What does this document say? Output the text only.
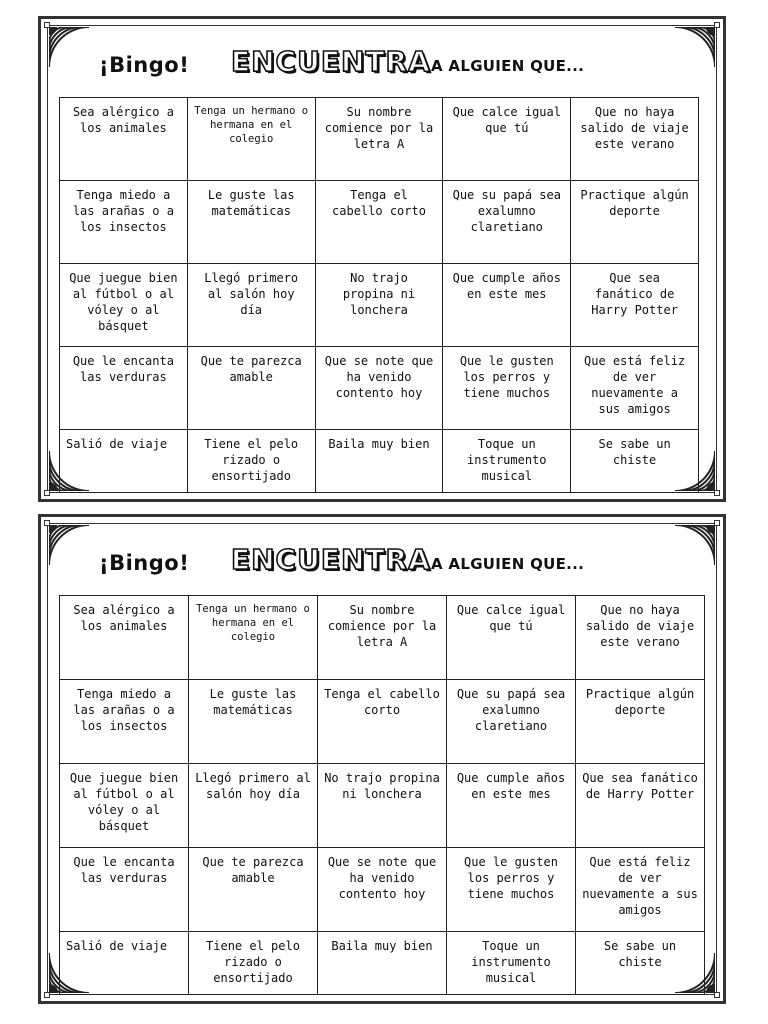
¡Bingo! ENCUENTRA A ALGUIEN QUE...
Sea alérgico a los animales	Tenga un hermano o hermana en el colegio	Su nombre comience por la letra A	Que calce igual que tú	Que no haya salido de viaje este verano
Tenga miedo a las arañas o a los insectos	Le guste las matemáticas	Tenga el cabello corto	Que su papá sea exalumno claretiano	Practique algún deporte
Que juegue bien al fútbol o al vóley o al básquet	Llegó primero al salón hoy día	No trajo propina ni lonchera	Que cumple años en este mes	Que sea fanático de Harry Potter
Que le encanta las verduras	Que te parezca amable	Que se note que ha venido contento hoy	Que le gusten los perros y tiene muchos	Que está feliz de ver nuevamente a sus amigos
Salió de viaje	Tiene el pelo rizado o ensortijado	Baila muy bien	Toque un instrumento musical	Se sabe un chiste
¡Bingo! ENCUENTRA A ALGUIEN QUE...
Sea alérgico a los animales	Tenga un hermano o hermana en el colegio	Su nombre comience por la letra A	Que calce igual que tú	Que no haya salido de viaje este verano
Tenga miedo a las arañas o a los insectos	Le guste las matemáticas	Tenga el cabello corto	Que su papá sea exalumno claretiano	Practique algún deporte
Que juegue bien al fútbol o al vóley o al básquet	Llegó primero al salón hoy día	No trajo propina ni lonchera	Que cumple años en este mes	Que sea fanático de Harry Potter
Que le encanta las verduras	Que te parezca amable	Que se note que ha venido contento hoy	Que le gusten los perros y tiene muchos	Que está feliz de ver nuevamente a sus amigos
Salió de viaje	Tiene el pelo rizado o ensortijado	Baila muy bien	Toque un instrumento musical	Se sabe un chiste
